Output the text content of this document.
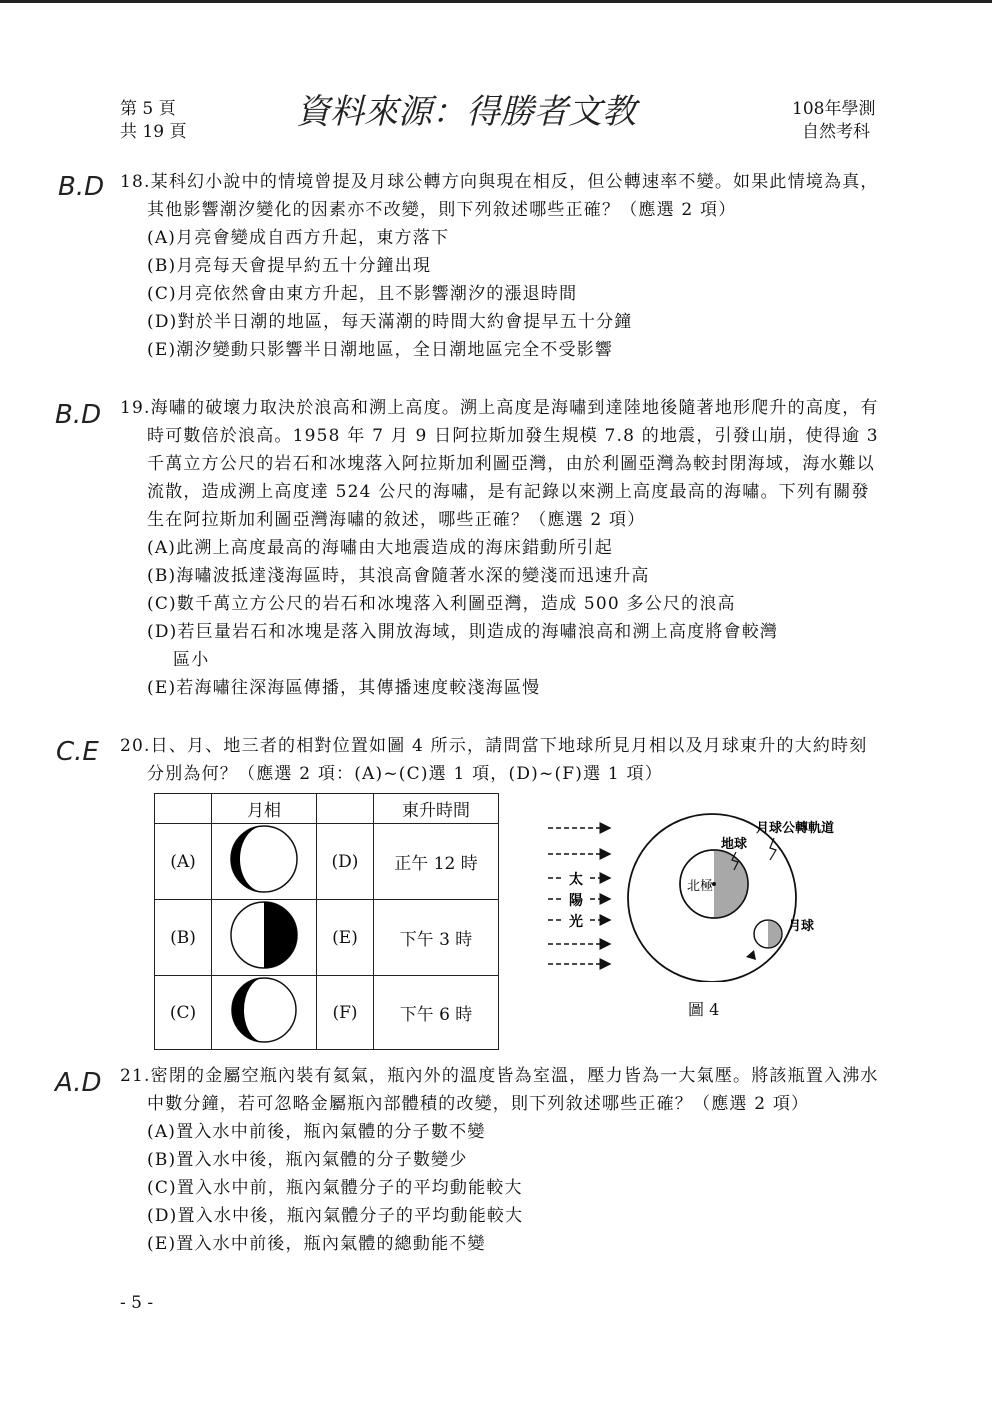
第 5 頁
共 19 頁	資料來源：得勝者文教	108年學測
自然考科
B.D 18.某科幻小說中的情境曾提及月球公轉方向與現在相反，但公轉速率不變。如果此情境為真，其他影響潮汐變化的因素亦不改變，則下列敘述哪些正確？（應選 2 項）
(A)月亮會變成自西方升起，東方落下
(B)月亮每天會提早約五十分鐘出現
(C)月亮依然會由東方升起，且不影響潮汐的漲退時間
(D)對於半日潮的地區，每天滿潮的時間大約會提早五十分鐘
(E)潮汐變動只影響半日潮地區，全日潮地區完全不受影響
B.D 19.海嘯的破壞力取決於浪高和溯上高度。溯上高度是海嘯到達陸地後隨著地形爬升的高度，有時可數倍於浪高。1958 年 7 月 9 日阿拉斯加發生規模 7.8 的地震，引發山崩，使得逾 3 千萬立方公尺的岩石和冰塊落入阿拉斯加利圖亞灣，由於利圖亞灣為較封閉海域，海水難以流散，造成溯上高度達 524 公尺的海嘯，是有記錄以來溯上高度最高的海嘯。下列有關發生在阿拉斯加利圖亞灣海嘯的敘述，哪些正確？（應選 2 項）
(A)此溯上高度最高的海嘯由大地震造成的海床錯動所引起
(B)海嘯波抵達淺海區時，其浪高會隨著水深的變淺而迅速升高
(C)數千萬立方公尺的岩石和冰塊落入利圖亞灣，造成 500 多公尺的浪高
(D)若巨量岩石和冰塊是落入開放海域，則造成的海嘯浪高和溯上高度將會較灣
區小
(E)若海嘯往深海區傳播，其傳播速度較淺海區慢
C.E 20.日、月、地三者的相對位置如圖 4 所示，請問當下地球所見月相以及月球東升的大約時刻分別為何？（應選 2 項：(A)~(C)選 1 項，(D)~(F)選 1 項）
	月相		東升時間
(A)		(D)	正午 12 時
(B)		(E)	下午 3 時
(C)		(F)	下午 6 時
太
陽
光
北極
地球
月球公轉軌道
月球
圖 4
A.D 21.密閉的金屬空瓶內裝有氦氣，瓶內外的溫度皆為室溫，壓力皆為一大氣壓。將該瓶置入沸水中數分鐘，若可忽略金屬瓶內部體積的改變，則下列敘述哪些正確？（應選 2 項）
(A)置入水中前後，瓶內氣體的分子數不變
(B)置入水中後，瓶內氣體的分子數變少
(C)置入水中前，瓶內氣體分子的平均動能較大
(D)置入水中後，瓶內氣體分子的平均動能較大
(E)置入水中前後，瓶內氣體的總動能不變
- 5 -
